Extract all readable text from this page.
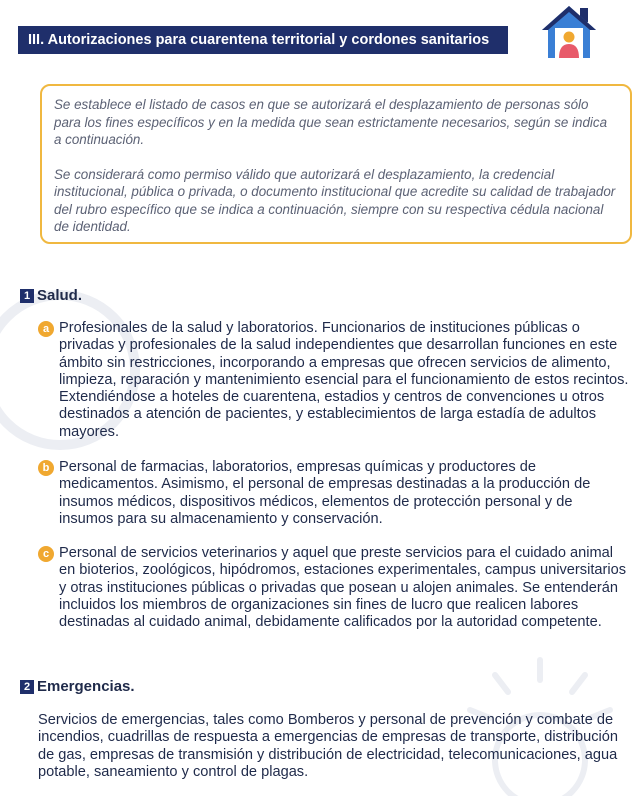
III. Autorizaciones para cuarentena territorial y cordones sanitarios

Se establece el listado de casos en que se autorizará el desplazamiento de personas sólo para los fines específicos y en la medida que sean estrictamente necesarios, según se indica a continuación.

Se considerará como permiso válido que autorizará el desplazamiento, la credencial institucional, pública o privada, o documento institucional que acredite su calidad de trabajador del rubro específico que se indica a continuación, siempre con su respectiva cédula nacional de identidad.

1 Salud.
a Profesionales de la salud y laboratorios. Funcionarios de instituciones públicas o privadas y profesionales de la salud independientes que desarrollan funciones en este ámbito sin restricciones, incorporando a empresas que ofrecen servicios de alimento, limpieza, reparación y mantenimiento esencial para el funcionamiento de estos recintos. Extendiéndose a hoteles de cuarentena, estadios y centros de convenciones u otros destinados a atención de pacientes, y establecimientos de larga estadía de adultos mayores.
b Personal de farmacias, laboratorios, empresas químicas y productores de medicamentos. Asimismo, el personal de empresas destinadas a la producción de insumos médicos, dispositivos médicos, elementos de protección personal y de insumos para su almacenamiento y conservación.
c Personal de servicios veterinarios y aquel que preste servicios para el cuidado animal en bioterios, zoológicos, hipódromos, estaciones experimentales, campus universitarios y otras instituciones públicas o privadas que posean u alojen animales. Se entenderán incluidos los miembros de organizaciones sin fines de lucro que realicen labores destinadas al cuidado animal, debidamente calificados por la autoridad competente.
2 Emergencias.
Servicios de emergencias, tales como Bomberos y personal de prevención y combate de incendios, cuadrillas de respuesta a emergencias de empresas de transporte, distribución de gas, empresas de transmisión y distribución de electricidad, telecomunicaciones, agua potable, saneamiento y control de plagas.
